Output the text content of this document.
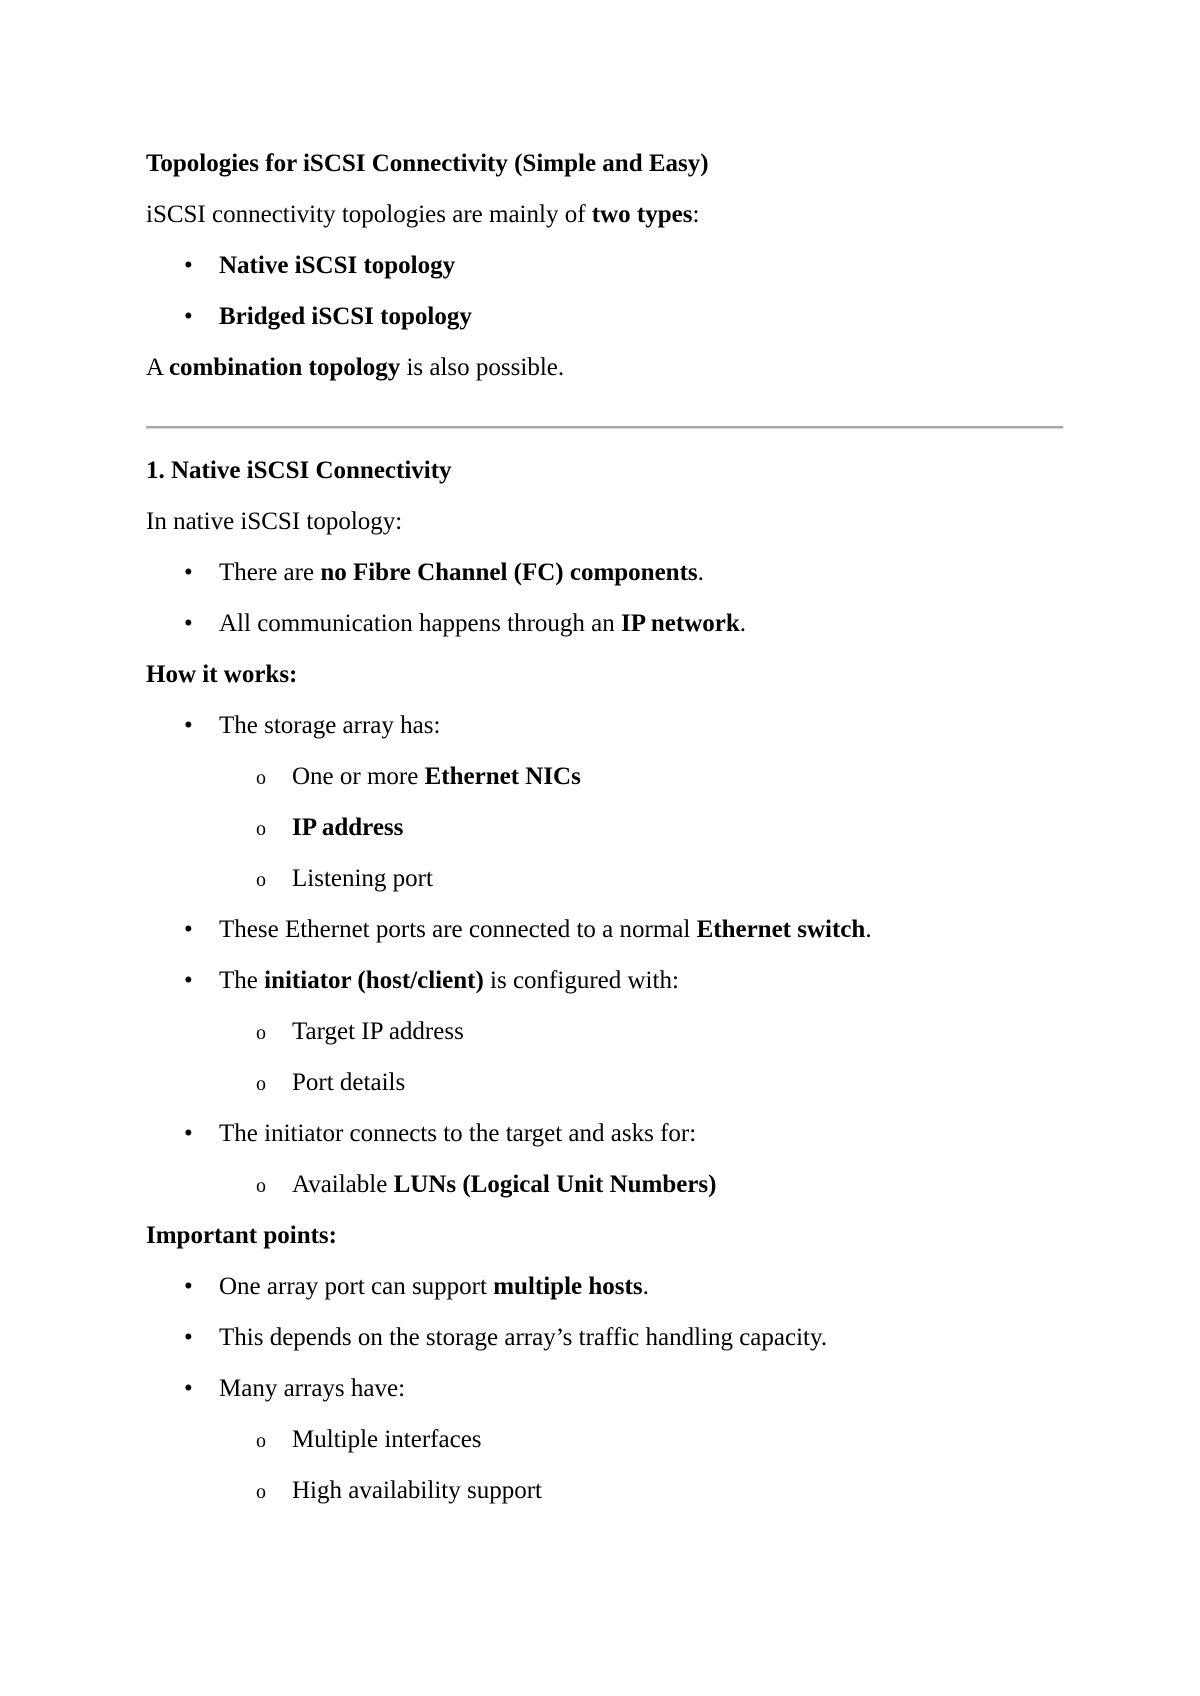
Topologies for iSCSI Connectivity (Simple and Easy)
iSCSI connectivity topologies are mainly of two types:
• Native iSCSI topology
• Bridged iSCSI topology
A combination topology is also possible.
1. Native iSCSI Connectivity
In native iSCSI topology:
• There are no Fibre Channel (FC) components.
• All communication happens through an IP network.
How it works:
• The storage array has:
o One or more Ethernet NICs
o IP address
o Listening port
• These Ethernet ports are connected to a normal Ethernet switch.
• The initiator (host/client) is configured with:
o Target IP address
o Port details
• The initiator connects to the target and asks for:
o Available LUNs (Logical Unit Numbers)
Important points:
• One array port can support multiple hosts.
• This depends on the storage array’s traffic handling capacity.
• Many arrays have:
o Multiple interfaces
o High availability support
